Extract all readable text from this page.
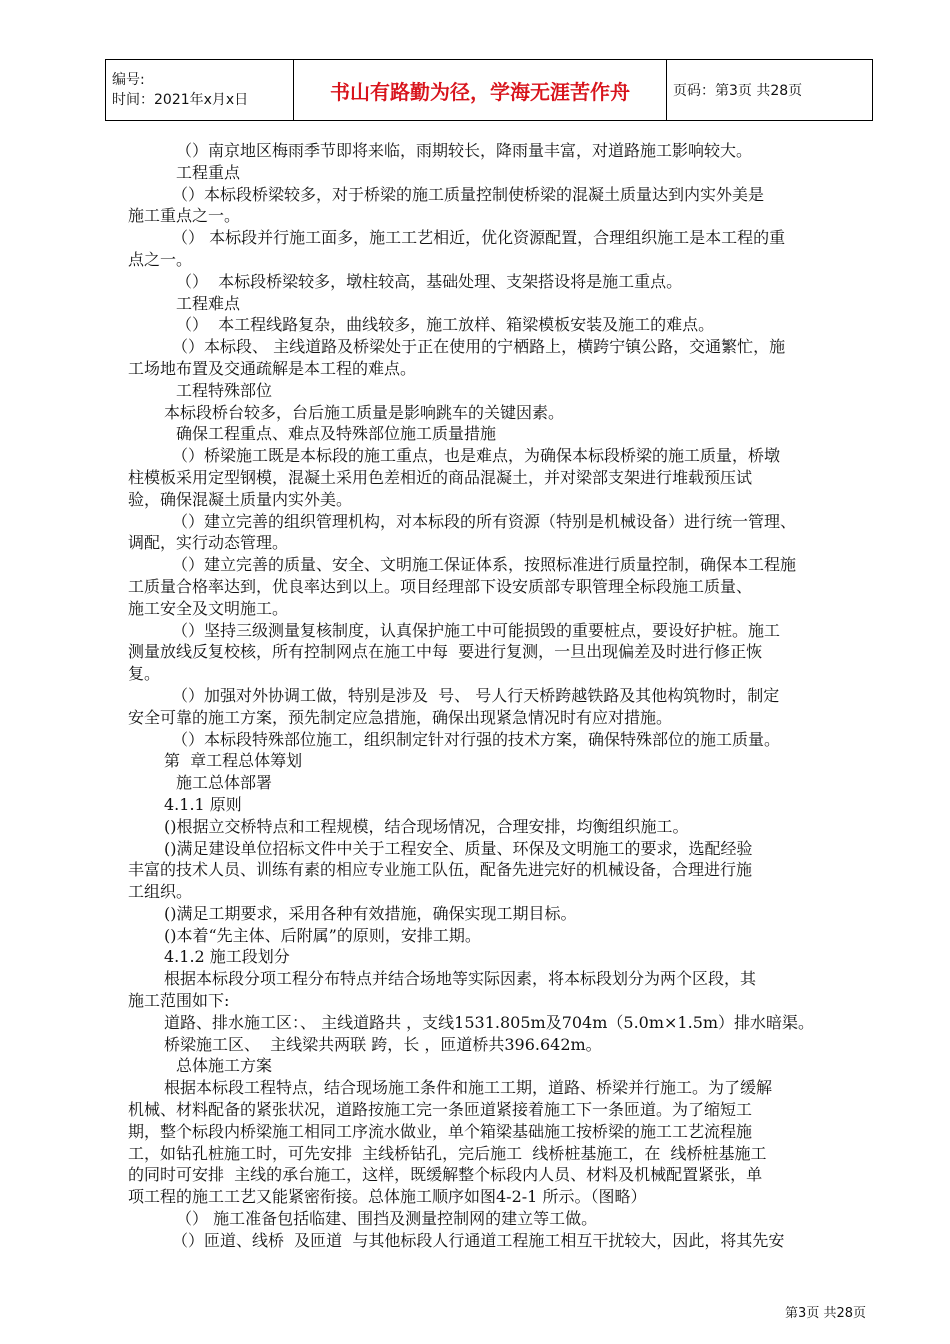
编号:
时间：2021年x月x日	书山有路勤为径，学海无涯苦作舟	页码：第3页 共28页
（）南京地区梅雨季节即将来临，雨期较长，降雨量丰富，对道路施工影响较大。
工程重点
（）本标段桥梁较多，对于桥梁的施工质量控制使桥梁的混凝土质量达到内实外美是
施工重点之一。
（） 本标段并行施工面多，施工工艺相近，优化资源配置，合理组织施工是本工程的重
点之一。
（）  本标段桥梁较多，墩柱较高，基础处理、支架搭设将是施工重点。
工程难点
（）  本工程线路复杂，曲线较多，施工放样、箱梁模板安装及施工的难点。
（）本标段、 主线道路及桥梁处于正在使用的宁栖路上，横跨宁镇公路，交通繁忙，施
工场地布置及交通疏解是本工程的难点。
工程特殊部位
本标段桥台较多，台后施工质量是影响跳车的关键因素。
确保工程重点、难点及特殊部位施工质量措施
（）桥梁施工既是本标段的施工重点，也是难点，为确保本标段桥梁的施工质量，桥墩
柱模板采用定型钢模，混凝土采用色差相近的商品混凝土，并对梁部支架进行堆载预压试
验，确保混凝土质量内实外美。
（）建立完善的组织管理机构，对本标段的所有资源（特别是机械设备）进行统一管理、
调配，实行动态管理。
（）建立完善的质量、安全、文明施工保证体系，按照标准进行质量控制，确保本工程施
工质量合格率达到，优良率达到以上。项目经理部下设安质部专职管理全标段施工质量、
施工安全及文明施工。
（）坚持三级测量复核制度，认真保护施工中可能损毁的重要桩点，要设好护桩。施工
测量放线反复校核，所有控制网点在施工中每  要进行复测，一旦出现偏差及时进行修正恢
复。
（）加强对外协调工做，特别是涉及  号、 号人行天桥跨越铁路及其他构筑物时，制定
安全可靠的施工方案，预先制定应急措施，确保出现紧急情况时有应对措施。
（）本标段特殊部位施工，组织制定针对行强的技术方案，确保特殊部位的施工质量。
第  章工程总体筹划
施工总体部署
4.1.1 原则
()根据立交桥特点和工程规模，结合现场情况，合理安排，均衡组织施工。
()满足建设单位招标文件中关于工程安全、质量、环保及文明施工的要求，选配经验
丰富的技术人员、训练有素的相应专业施工队伍，配备先进完好的机械设备，合理进行施
工组织。
()满足工期要求，采用各种有效措施，确保实现工期目标。
()本着“先主体、后附属”的原则，安排工期。
4.1.2 施工段划分
根据本标段分项工程分布特点并结合场地等实际因素，将本标段划分为两个区段，其
施工范围如下:
道路、排水施工区：、 主线道路共 ，支线1531.805m及704m（5.0m×1.5m）排水暗渠。
桥梁施工区、  主线梁共两联 跨，长 ，匝道桥共396.642m。
总体施工方案
根据本标段工程特点，结合现场施工条件和施工工期，道路、桥梁并行施工。为了缓解
机械、材料配备的紧张状况，道路按施工完一条匝道紧接着施工下一条匝道。为了缩短工
期，整个标段内桥梁施工相同工序流水做业，单个箱梁基础施工按桥梁的施工工艺流程施
工，如钻孔桩施工时，可先安排  主线桥钻孔，完后施工  线桥桩基施工，在  线桥桩基施工
的同时可安排  主线的承台施工，这样，既缓解整个标段内人员、材料及机械配置紧张，单
项工程的施工工艺又能紧密衔接。总体施工顺序如图4-2-1 所示。（图略）
（） 施工准备包括临建、围挡及测量控制网的建立等工做。
（）匝道、线桥  及匝道  与其他标段人行通道工程施工相互干扰较大，因此，将其先安
第3页 共28页
